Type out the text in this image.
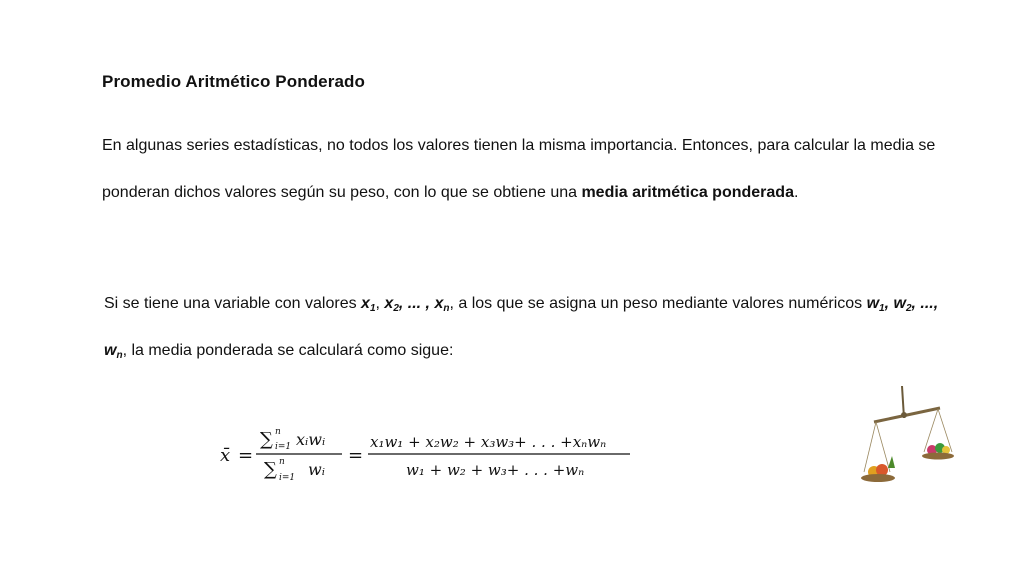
Promedio Aritmético Ponderado
En algunas series estadísticas, no todos los valores tienen la misma importancia. Entonces, para calcular la media se ponderan dichos valores según su peso, con lo que se obtiene una media aritmética ponderada.
Si se tiene una variable con valores $x_1$, $x_2$, ... , $x_n$, a los que se asigna un peso mediante valores numéricos $w_1$, $w_2$, ..., $w_n$, la media ponderada se calculará como sigue:
x̄ =
∑ n
i=1 xᵢwᵢ
∑ n
i=1 wᵢ
=
x₁w₁ + x₂w₂ + x₃w₃+ . . . +xₙwₙ
w₁ + w₂ + w₃+ . . . +wₙ
